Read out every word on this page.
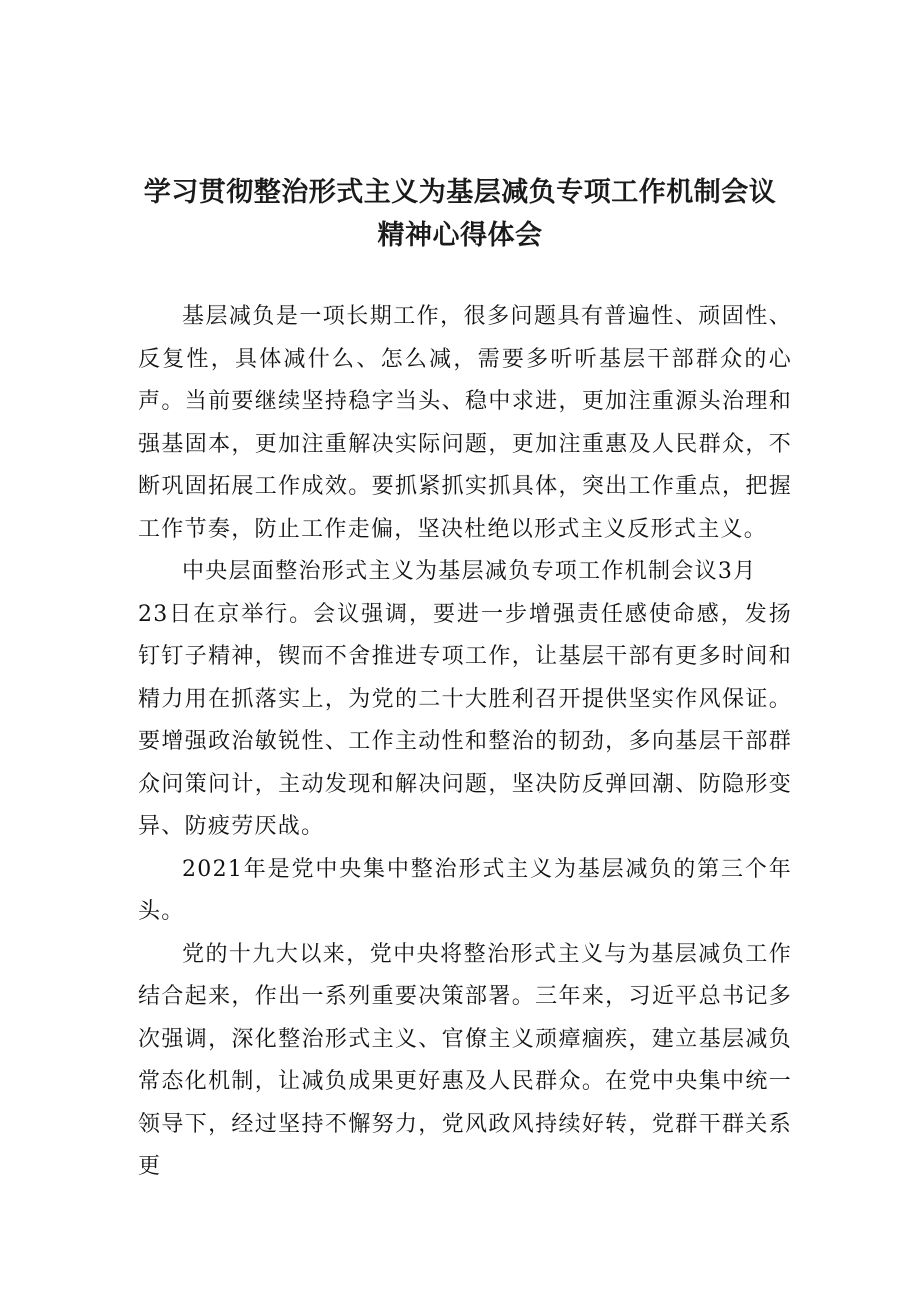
学习贯彻整治形式主义为基层减负专项工作机制会议
精神心得体会

基层减负是一项长期工作，很多问题具有普遍性、顽固性、反复性，具体减什么、怎么减，需要多听听基层干部群众的心声。当前要继续坚持稳字当头、稳中求进，更加注重源头治理和强基固本，更加注重解决实际问题，更加注重惠及人民群众，不断巩固拓展工作成效。要抓紧抓实抓具体，突出工作重点，把握工作节奏，防止工作走偏，坚决杜绝以形式主义反形式主义。

中央层面整治形式主义为基层减负专项工作机制会议3月

23日在京举行。会议强调，要进一步增强责任感使命感，发扬钉钉子精神，锲而不舍推进专项工作，让基层干部有更多时间和精力用在抓落实上，为党的二十大胜利召开提供坚实作风保证。要增强政治敏锐性、工作主动性和整治的韧劲，多向基层干部群众问策问计，主动发现和解决问题，坚决防反弹回潮、防隐形变异、防疲劳厌战。

2021年是党中央集中整治形式主义为基层减负的第三个年头。

党的十九大以来，党中央将整治形式主义与为基层减负工作结合起来，作出一系列重要决策部署。三年来，习近平总书记多次强调，深化整治形式主义、官僚主义顽瘴痼疾，建立基层减负常态化机制，让减负成果更好惠及人民群众。在党中央集中统一领导下，经过坚持不懈努力，党风政风持续好转，党群干群关系更
